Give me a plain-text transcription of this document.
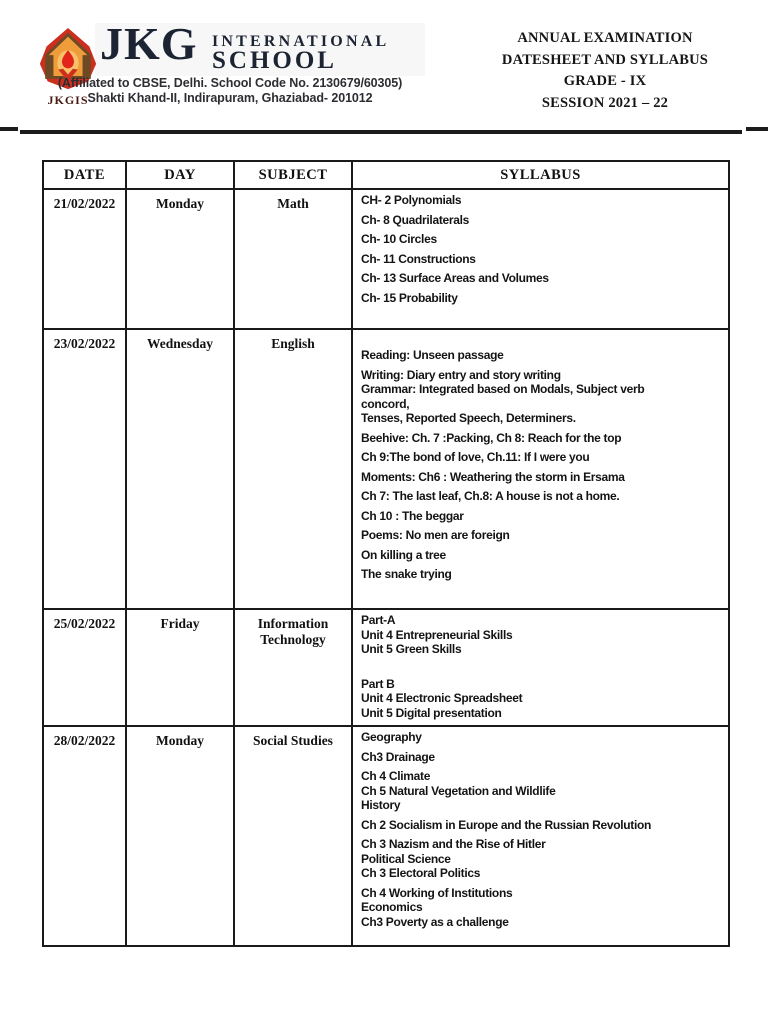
JKGIS
JKG INTERNATIONAL
SCHOOL
(Affiliated to CBSE, Delhi. School Code No. 2130679/60305)
Shakti Khand-II, Indirapuram, Ghaziabad- 201012
ANNUAL EXAMINATION
DATESHEET AND SYLLABUS
GRADE - IX
SESSION 2021 – 22
DATE	DAY	SUBJECT	SYLLABUS
21/02/2022	Monday	Math	CH- 2 Polynomials
Ch- 8 Quadrilaterals
Ch- 10 Circles
Ch- 11 Constructions
Ch- 13 Surface Areas and Volumes
Ch- 15 Probability

23/02/2022	Wednesday	English	

Reading: Unseen passage
Writing: Diary entry and story writing
Grammar: Integrated based on Modals, Subject verb
concord,
Tenses, Reported Speech, Determiners.
Beehive: Ch. 7 :Packing, Ch 8: Reach for the top
Ch 9:The bond of love, Ch.11: If I were you
Moments: Ch6 : Weathering the storm in Ersama
Ch 7: The last leaf, Ch.8: A house is not a home.
Ch 10 : The beggar
Poems: No men are foreign
On killing a tree
The snake trying

25/02/2022	Friday	Information Technology	
Part-A
Unit 4 Entrepreneurial Skills
Unit 5 Green Skills

Part B
Unit 4 Electronic Spreadsheet
Unit 5 Digital presentation

28/02/2022	Monday	Social Studies	Geography
Ch3 Drainage
Ch 4 Climate
Ch 5 Natural Vegetation and Wildlife
History
Ch 2 Socialism in Europe and the Russian Revolution
Ch 3 Nazism and the Rise of Hitler
Political Science
Ch 3 Electoral Politics
Ch 4 Working of Institutions
Economics
Ch3 Poverty as a challenge
